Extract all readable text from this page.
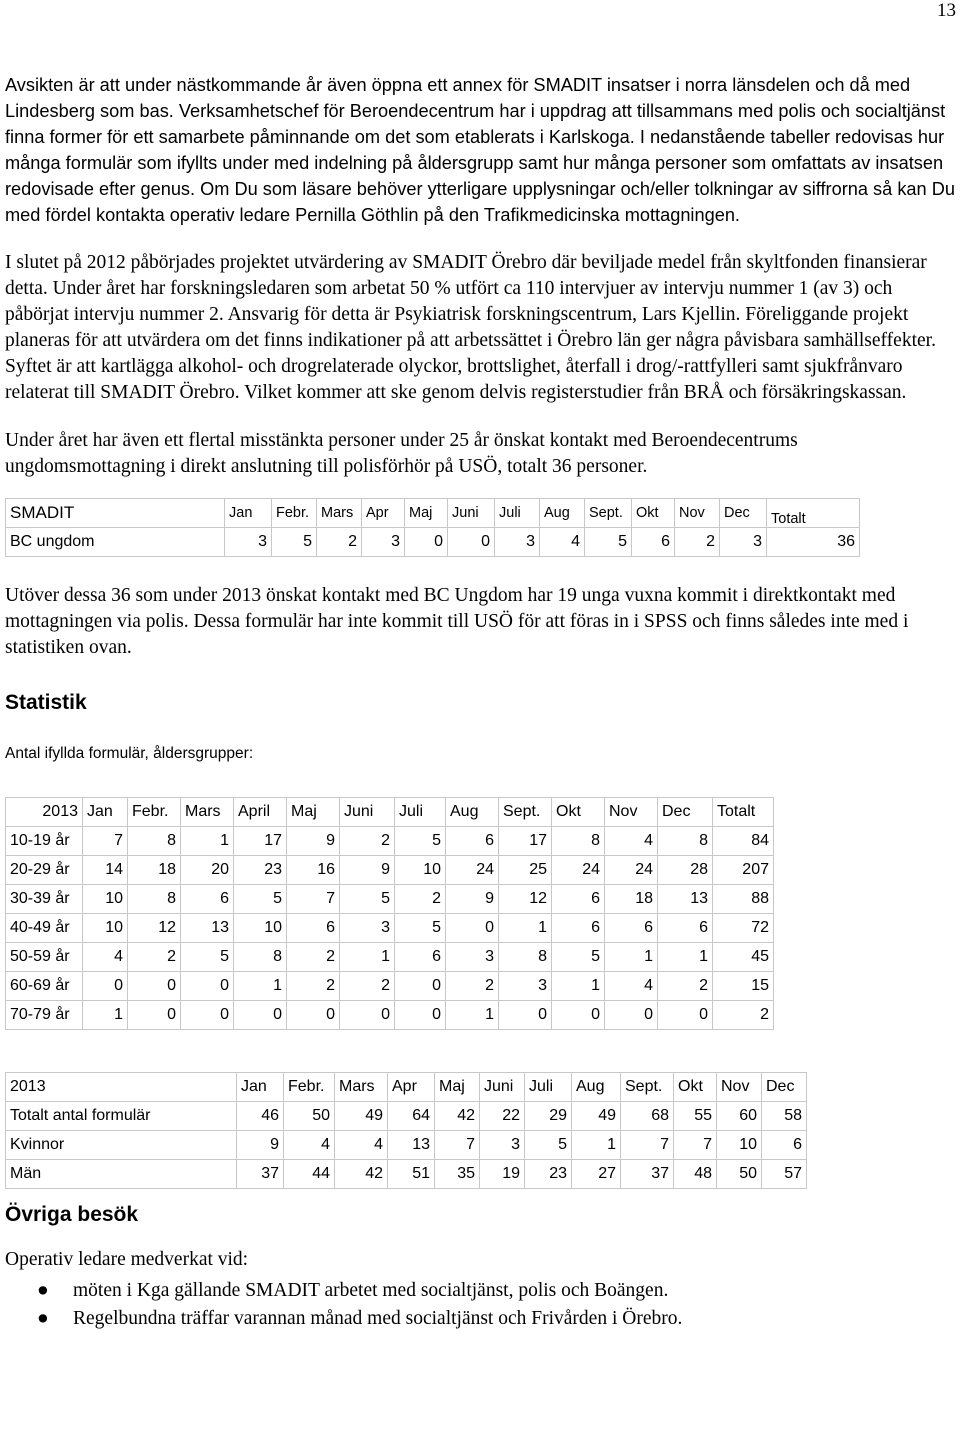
13

Avsikten är att under nästkommande år även öppna ett annex för SMADIT insatser i norra länsdelen och då med Lindesberg som bas. Verksamhetschef för Beroendecentrum har i uppdrag att tillsammans med polis och socialtjänst finna former för ett samarbete påminnande om det som etablerats i Karlskoga. I nedanstående tabeller redovisas hur många formulär som ifyllts under med indelning på åldersgrupp samt hur många personer som omfattats av insatsen redovisade efter genus. Om Du som läsare behöver ytterligare upplysningar och/eller tolkningar av siffrorna så kan Du med fördel kontakta operativ ledare Pernilla Göthlin på den Trafikmedicinska mottagningen.

I slutet på 2012 påbörjades projektet utvärdering av SMADIT Örebro där beviljade medel från skyltfonden finansierar detta. Under året har forskningsledaren som arbetat 50 % utfört ca 110 intervjuer av intervju nummer 1 (av 3) och påbörjat intervju nummer 2. Ansvarig för detta är Psykiatrisk forskningscentrum, Lars Kjellin. Föreliggande projekt planeras för att utvärdera om det finns indikationer på att arbetssättet i Örebro län ger några påvisbara samhällseffekter. Syftet är att kartlägga alkohol- och drogrelaterade olyckor, brottslighet, återfall i drog/-rattfylleri samt sjukfrånvaro relaterat till SMADIT Örebro. Vilket kommer att ske genom delvis registerstudier från BRÅ och försäkringskassan.

Under året har även ett flertal misstänkta personer under 25 år önskat kontakt med Beroendecentrums ungdomsmottagning i direkt anslutning till polisförhör på USÖ, totalt 36 personer.

SMADIT	Jan	Febr.	Mars	Apr	Maj	Juni	Juli	Aug	Sept.	Okt	Nov	Dec	Totalt
BC ungdom	3	5	2	3	0	0	3	4	5	6	2	3	36

Utöver dessa 36 som under 2013 önskat kontakt med BC Ungdom har 19 unga vuxna kommit i direktkontakt med mottagningen via polis. Dessa formulär har inte kommit till USÖ för att föras in i SPSS och finns således inte med i statistiken ovan.

Statistik
Antal ifyllda formulär, åldersgrupper:
2013	Jan	Febr.	Mars	April	Maj	Juni	Juli	Aug	Sept.	Okt	Nov	Dec	Totalt
10-19 år	7	8	1	17	9	2	5	6	17	8	4	8	84
20-29 år	14	18	20	23	16	9	10	24	25	24	24	28	207
30-39 år	10	8	6	5	7	5	2	9	12	6	18	13	88
40-49 år	10	12	13	10	6	3	5	0	1	6	6	6	72
50-59 år	4	2	5	8	2	1	6	3	8	5	1	1	45
60-69 år	0	0	0	1	2	2	0	2	3	1	4	2	15
70-79 år	1	0	0	0	0	0	0	1	0	0	0	0	2
2013	Jan	Febr.	Mars	Apr	Maj	Juni	Juli	Aug	Sept.	Okt	Nov	Dec
Totalt antal formulär	46	50	49	64	42	22	29	49	68	55	60	58
Kvinnor	9	4	4	13	7	3	5	1	7	7	10	6
Män	37	44	42	51	35	19	23	27	37	48	50	57
Övriga besök

Operativ ledare medverkat vid:

● möten i Kga gällande SMADIT arbetet med socialtjänst, polis och Boängen.
● Regelbundna träffar varannan månad med socialtjänst och Frivården i Örebro.
